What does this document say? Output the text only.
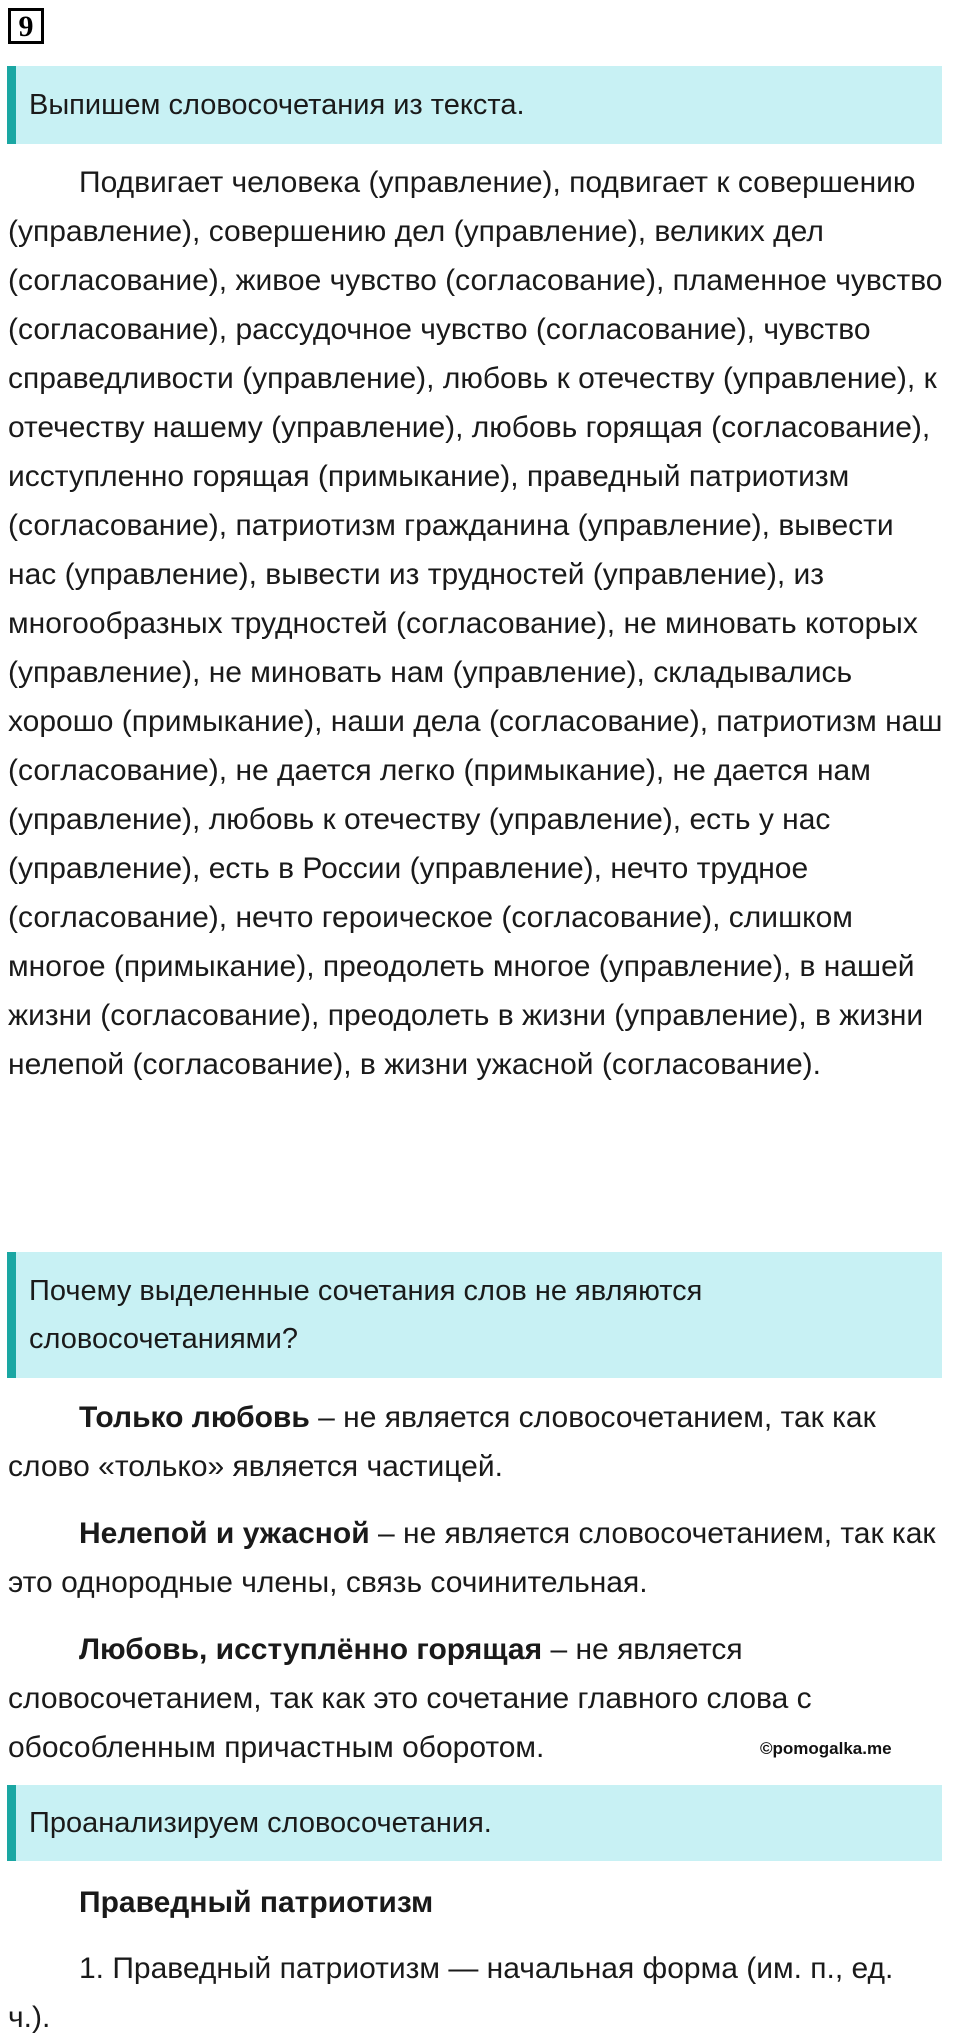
9
Выпишем словосочетания из текста.

Подвигает человека (управление), подвигает к совершению (управление), совершению дел (управление), великих дел (согласование), живое чувство (согласование), пламенное чувство (согласование), рассудочное чувство (согласование), чувство справедливости (управление), любовь к отечеству (управление), к отечеству нашему (управление), любовь горящая (согласование), исступленно горящая (примыкание), праведный патриотизм (согласование), патриотизм гражданина (управление), вывести нас (управление), вывести из трудностей (управление), из многообразных трудностей (согласование), не миновать которых (управление), не миновать нам (управление), складывались хорошо (примыкание), наши дела (согласование), патриотизм наш (согласование), не дается легко (примыкание), не дается нам (управление), любовь к отечеству (управление), есть у нас (управление), есть в России (управление), нечто трудное (согласование), нечто героическое (согласование), слишком многое (примыкание), преодолеть многое (управление), в нашей жизни (согласование), преодолеть в жизни (управление), в жизни нелепой (согласование), в жизни ужасной (согласование).

Почему выделенные сочетания слов не являются словосочетаниями?

Только любовь – не является словосочетанием, так как слово «только» является частицей.

Нелепой и ужасной – не является словосочетанием, так как это однородные члены, связь сочинительная.

Любовь, исступлённо горящая – не является словосочетанием, так как это сочетание главного слова с обособленным причастным оборотом.	©pomogalka.me
Проанализируем словосочетания.

Праведный патриотизм

1. Праведный патриотизм — начальная форма (им. п., ед. ч.).
